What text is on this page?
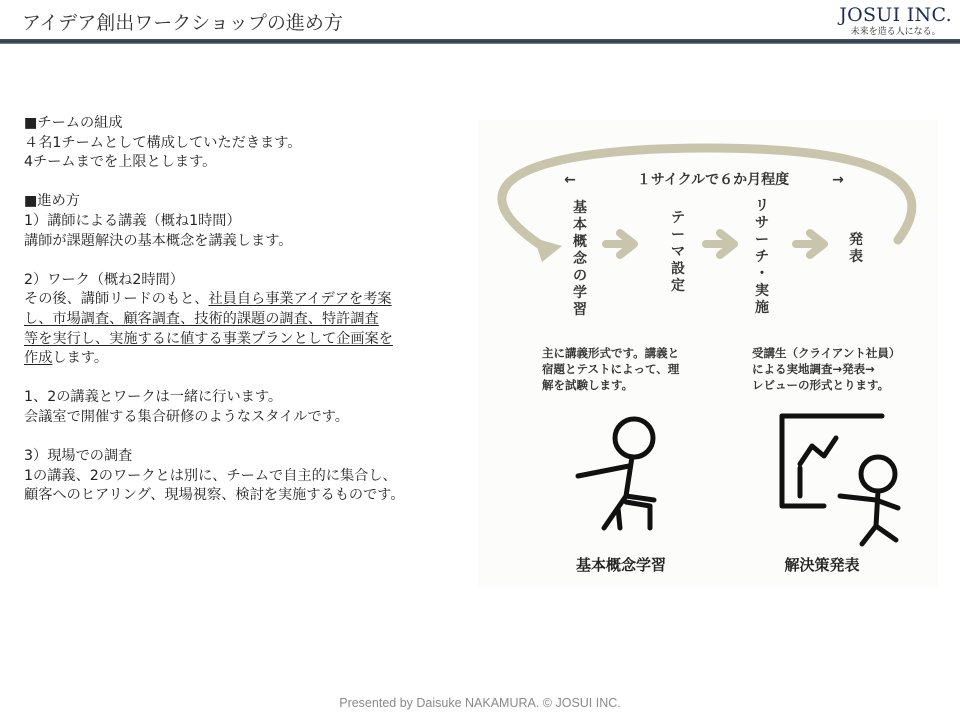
アイデア創出ワークショップの進め方	JOSUI INC.
未来を造る人になる。
■チームの組成
４名1チームとして構成していただきます。
4チームまでを上限とします。
■進め方
1）講師による講義（概ね1時間）
講師が課題解決の基本概念を講義します。
2）ワーク（概ね2時間）
その後、講師リードのもと、社員自ら事業アイデアを考案
し、市場調査、顧客調査、技術的課題の調査、特許調査
等を実行し、実施するに値する事業プランとして企画案を
作成します。
1、2の講義とワークは一緒に行います。
会議室で開催する集合研修のようなスタイルです。
3）現場での調査
1の講義、2のワークとは別に、チームで自主的に集合し、
顧客へのヒアリング、現場視察、検討を実施するものです。
←	１サイクルで６か月程度	→
基
本
概
念
の
学
習
テ
ー
マ
設
定
リ
サ
ー
チ
・
実
施
発
表
主に講義形式です。講義と
宿題とテストによって、理
解を試験します。
受講生（クライアント社員）
による実地調査→発表→
レビューの形式とります。
基本概念学習	解決策発表
Presented by Daisuke NAKAMURA. © JOSUI INC.
